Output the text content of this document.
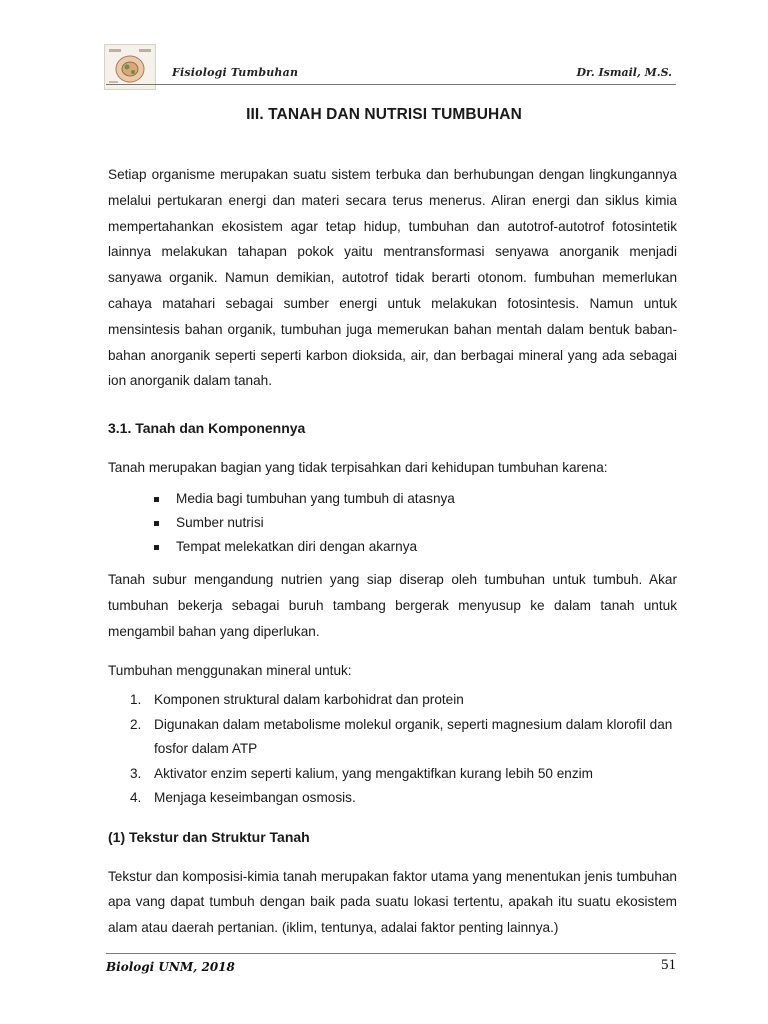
Fisiologi Tumbuhan	Dr. Ismail, M.S.
III. TANAH DAN NUTRISI TUMBUHAN

Setiap organisme merupakan suatu sistem terbuka dan berhubungan dengan lingkungannya melalui pertukaran energi dan materi secara terus menerus. Aliran energi dan siklus kimia mempertahankan ekosistem agar tetap hidup, tumbuhan dan autotrof-autotrof fotosintetik lainnya melakukan tahapan pokok yaitu mentransformasi senyawa anorganik menjadi sanyawa organik. Namun demikian, autotrof tidak berarti otonom. fumbuhan memerlukan cahaya matahari sebagai sumber energi untuk melakukan fotosintesis. Namun untuk mensintesis bahan organik, tumbuhan juga memerukan bahan mentah dalam bentuk baban-bahan anorganik seperti seperti karbon dioksida, air, dan berbagai mineral yang ada sebagai ion anorganik dalam tanah.

3.1. Tanah dan Komponennya

Tanah merupakan bagian yang tidak terpisahkan dari kehidupan tumbuhan karena:

Media bagi tumbuhan yang tumbuh di atasnya
Sumber nutrisi
Tempat melekatkan diri dengan akarnya

Tanah subur mengandung nutrien yang siap diserap oleh tumbuhan untuk tumbuh. Akar tumbuhan bekerja sebagai buruh tambang bergerak menyusup ke dalam tanah untuk mengambil bahan yang diperlukan.

Tumbuhan menggunakan mineral untuk:

1. Komponen struktural dalam karbohidrat dan protein
2. Digunakan dalam metabolisme molekul organik, seperti magnesium dalam klorofil dan fosfor dalam ATP
3. Aktivator enzim seperti kalium, yang mengaktifkan kurang lebih 50 enzim
4. Menjaga keseimbangan osmosis.
(1) Tekstur dan Struktur Tanah

Tekstur dan komposisi-kimia tanah merupakan faktor utama yang menentukan jenis tumbuhan apa vang dapat tumbuh dengan baik pada suatu lokasi tertentu, apakah itu suatu ekosistem alam atau daerah pertanian. (iklim, tentunya, adalai faktor penting lainnya.)

Biologi UNM, 2018	51
